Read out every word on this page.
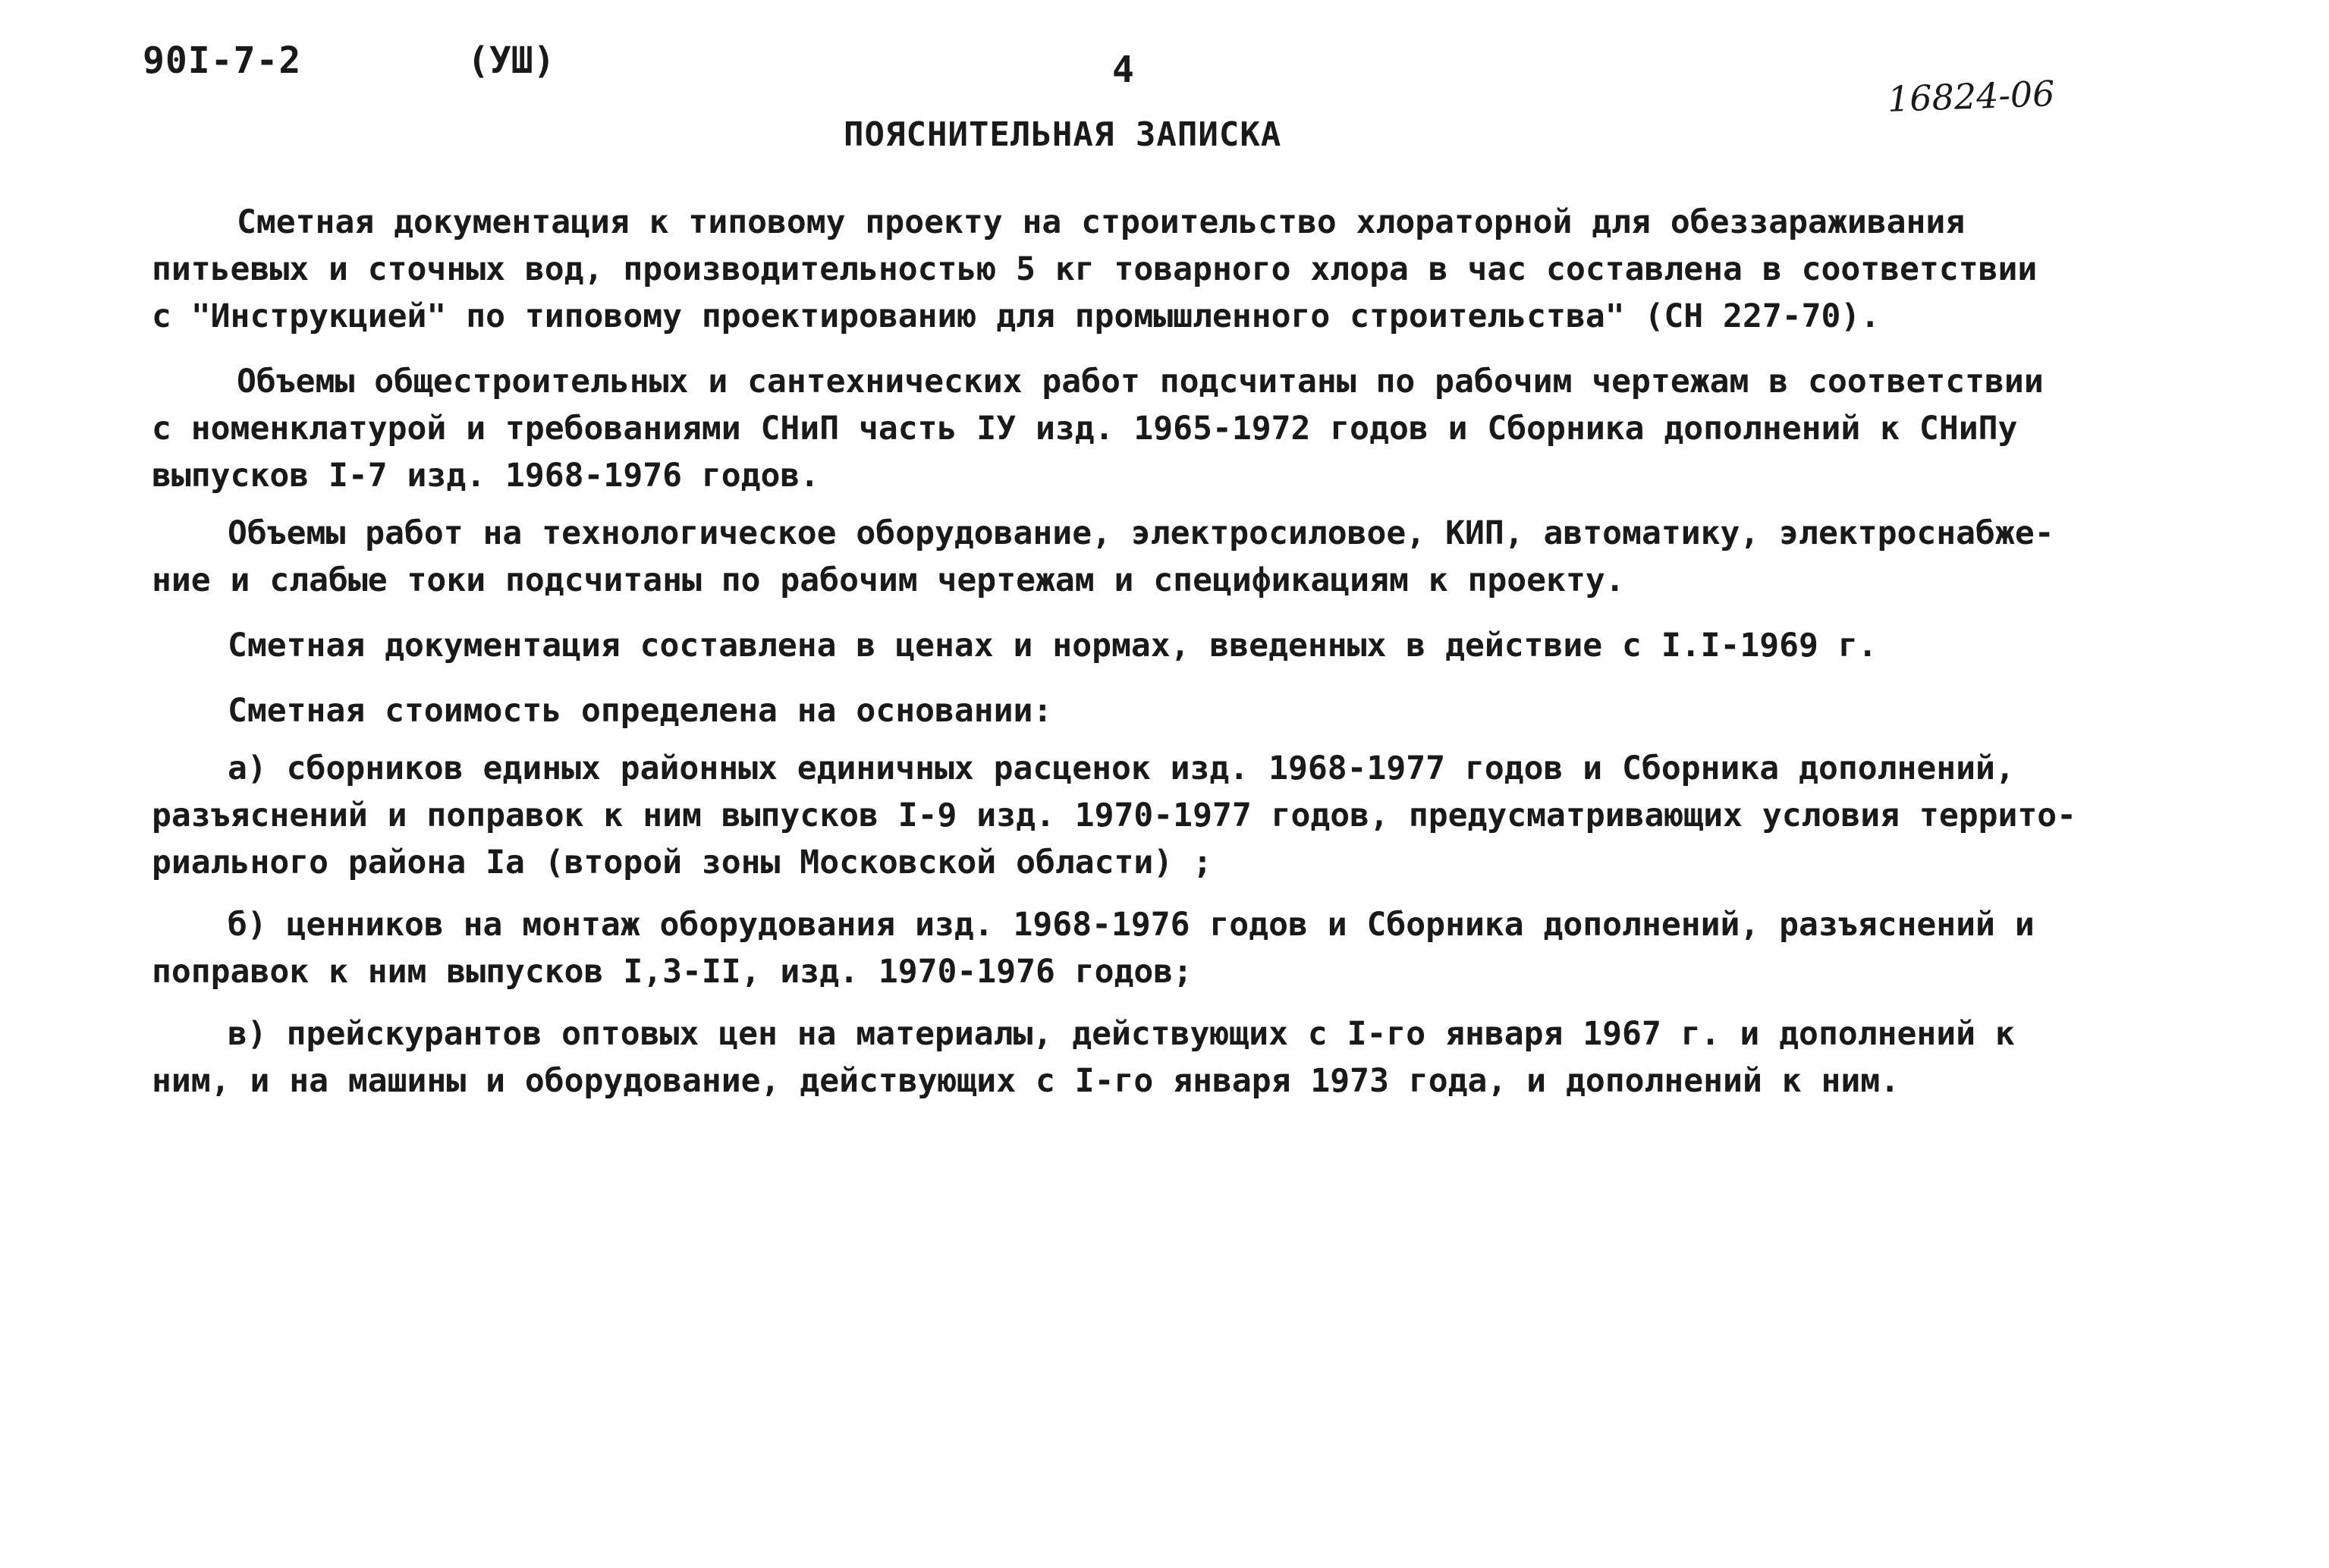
90I-7-2	(УШ)	4
16824-06
ПОЯСНИТЕЛЬНАЯ ЗАПИСКА
Сметная документация к типовому проекту на строительство хлораторной для обеззараживания
питьевых и сточных вод, производительностью 5 кг товарного хлора в час составлена в соответствии
с "Инструкцией" по типовому проектированию для промышленного строительства" (СН 227-70).
Объемы общестроительных и сантехнических работ подсчитаны по рабочим чертежам в соответствии
с номенклатурой и требованиями СНиП часть IУ изд. 1965-1972 годов и Сборника дополнений к СНиПу
выпусков I-7 изд. 1968-1976 годов.
Объемы работ на технологическое оборудование, электросиловое, КИП, автоматику, электроснабже-
ние и слабые токи подсчитаны по рабочим чертежам и спецификациям к проекту.
Сметная документация составлена в ценах и нормах, введенных в действие с I.I-1969 г.
Сметная стоимость определена на основании:
а) сборников единых районных единичных расценок изд. 1968-1977 годов и Сборника дополнений,
разъяснений и поправок к ним выпусков I-9 изд. 1970-1977 годов, предусматривающих условия террито-
риального района Iа (второй зоны Московской области) ;
б) ценников на монтаж оборудования изд. 1968-1976 годов и Сборника дополнений, разъяснений и
поправок к ним выпусков I,3-II, изд. 1970-1976 годов;
в) прейскурантов оптовых цен на материалы, действующих с I-го января 1967 г. и дополнений к
ним, и на машины и оборудование, действующих с I-го января 1973 года, и дополнений к ним.
